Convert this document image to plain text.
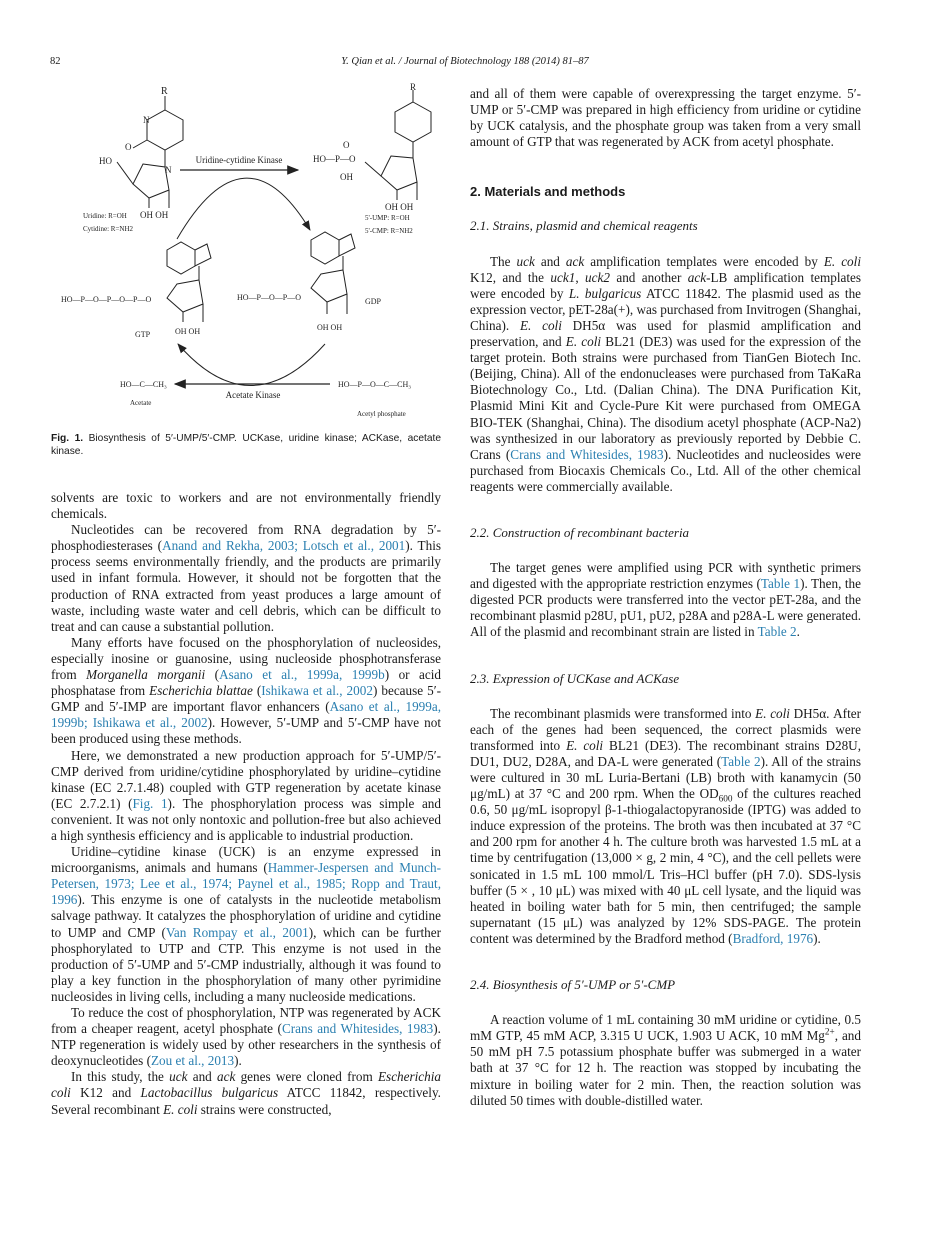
82	Y. Qian et al. / Journal of Biotechnology 188 (2014) 81–87
R
N
O
N
HO
OH OH
Uridine: R=OH
Cytidine: R=NH2
Uridine-cytidine Kinase
R
HO—P—O
O
OH
OH OH
5'-UMP: R=OH
5'-CMP: R=NH2
HO—P—O—P—O—P—O
GTP	OH OH
HO—P—O—P—O	GDP
OH OH
Acetate Kinase
HO—C—CH₃
Acetate
HO—P—O—C—CH₃
Acetyl phosphate
Fig. 1. Biosynthesis of 5′-UMP/5′-CMP. UCKase, uridine kinase; ACKase, acetate kinase.

solvents are toxic to workers and are not environmentally friendly chemicals.

Nucleotides can be recovered from RNA degradation by 5′-phosphodiesterases (Anand and Rekha, 2003; Lotsch et al., 2001). This process seems environmentally friendly, and the products are primarily used in infant formula. However, it should not be forgotten that the production of RNA extracted from yeast produces a large amount of waste, including waste water and cell debris, which can be difficult to treat and can cause a substantial pollution.

Many efforts have focused on the phosphorylation of nucleosides, especially inosine or guanosine, using nucleoside phosphotransferase from Morganella morganii (Asano et al., 1999a, 1999b) or acid phosphatase from Escherichia blattae (Ishikawa et al., 2002) because 5′-GMP and 5′-IMP are important flavor enhancers (Asano et al., 1999a, 1999b; Ishikawa et al., 2002). However, 5′-UMP and 5′-CMP have not been produced using these methods.

Here, we demonstrated a new production approach for 5′-UMP/5′-CMP derived from uridine/cytidine phosphorylated by uridine–cytidine kinase (EC 2.7.1.48) coupled with GTP regeneration by acetate kinase (EC 2.7.2.1) (Fig. 1). The phosphorylation process was simple and convenient. It was not only nontoxic and pollution-free but also achieved a high synthesis efficiency and is applicable to industrial production.

Uridine–cytidine kinase (UCK) is an enzyme expressed in microorganisms, animals and humans (Hammer-Jespersen and Munch-Petersen, 1973; Lee et al., 1974; Paynel et al., 1985; Ropp and Traut, 1996). This enzyme is one of catalysts in the nucleotide metabolism salvage pathway. It catalyzes the phosphorylation of uridine and cytidine to UMP and CMP (Van Rompay et al., 2001), which can be further phosphorylated to UTP and CTP. This enzyme is not used in the production of 5′-UMP and 5′-CMP industrially, although it was found to play a key function in the phosphorylation of many other pyrimidine nucleosides in living cells, including a many nucleoside medications.

To reduce the cost of phosphorylation, NTP was regenerated by ACK from a cheaper reagent, acetyl phosphate (Crans and Whitesides, 1983). NTP regeneration is widely used by other researchers in the synthesis of deoxynucleotides (Zou et al., 2013).

In this study, the uck and ack genes were cloned from Escherichia coli K12 and Lactobacillus bulgaricus ATCC 11842, respectively. Several recombinant E. coli strains were constructed,

and all of them were capable of overexpressing the target enzyme. 5′-UMP or 5′-CMP was prepared in high efficiency from uridine or cytidine by UCK catalysis, and the phosphate group was taken from a very small amount of GTP that was regenerated by ACK from acetyl phosphate.

2. Materials and methods
2.1. Strains, plasmid and chemical reagents

The uck and ack amplification templates were encoded by E. coli K12, and the uck1, uck2 and another ack-LB amplification templates were encoded by L. bulgaricus ATCC 11842. The plasmid used as the expression vector, pET-28a(+), was purchased from Invitrogen (Shanghai, China). E. coli DH5α was used for plasmid amplification and preservation, and E. coli BL21 (DE3) was used for the expression of the target protein. Both strains were purchased from TianGen Biotech Inc. (Beijing, China). All of the endonucleases were purchased from TaKaRa Biotechnology Co., Ltd. (Dalian China). The DNA Purification Kit, Plasmid Mini Kit and Cycle-Pure Kit were purchased from OMEGA BIO-TEK (Shanghai, China). The disodium acetyl phosphate (ACP-Na2) was synthesized in our laboratory as previously reported by Debbie C. Crans (Crans and Whitesides, 1983). Nucleotides and nucleosides were purchased from Biocaxis Chemicals Co., Ltd. All of the other chemical reagents were commercially available.

2.2. Construction of recombinant bacteria

The target genes were amplified using PCR with synthetic primers and digested with the appropriate restriction enzymes (Table 1). Then, the digested PCR products were transferred into the vector pET-28a, and the recombinant plasmid p28U, pU1, pU2, p28A and p28A-L were generated. All of the plasmid and recombinant strain are listed in Table 2.

2.3. Expression of UCKase and ACKase

The recombinant plasmids were transformed into E. coli DH5α. After each of the genes had been sequenced, the correct plasmids were transformed into E. coli BL21 (DE3). The recombinant strains D28U, DU1, DU2, D28A, and DA-L were generated (Table 2). All of the strains were cultured in 30 mL Luria-Bertani (LB) broth with kanamycin (50 μg/mL) at 37 °C and 200 rpm. When the $OD_{600}$ of the cultures reached 0.6, 50 μg/mL isopropyl β-1-thiogalactopyranoside (IPTG) was added to induce expression of the proteins. The broth was then incubated at 37 °C and 200 rpm for another 4 h. The culture broth was harvested 1.5 mL at a time by centrifugation (13,000 × g, 2 min, 4 °C), and the cell pellets were sonicated in 1.5 mL 100 mmol/L Tris–HCl buffer (pH 7.0). SDS-lysis buffer (5 × , 10 μL) was mixed with 40 μL cell lysate, and the liquid was heated in boiling water bath for 5 min, then centrifuged; the sample supernatant (15 μL) was analyzed by 12% SDS-PAGE. The protein content was determined by the Bradford method (Bradford, 1976).

2.4. Biosynthesis of 5′-UMP or 5′-CMP

A reaction volume of 1 mL containing 30 mM uridine or cytidine, 0.5 mM GTP, 45 mM ACP, 3.315 U UCK, 1.903 U ACK, 10 mM $Mg^{2+}$, and 50 mM pH 7.5 potassium phosphate buffer was submerged in a water bath at 37 °C for 12 h. The reaction was stopped by incubating the mixture in boiling water for 2 min. Then, the reaction solution was diluted 50 times with double-distilled water.
